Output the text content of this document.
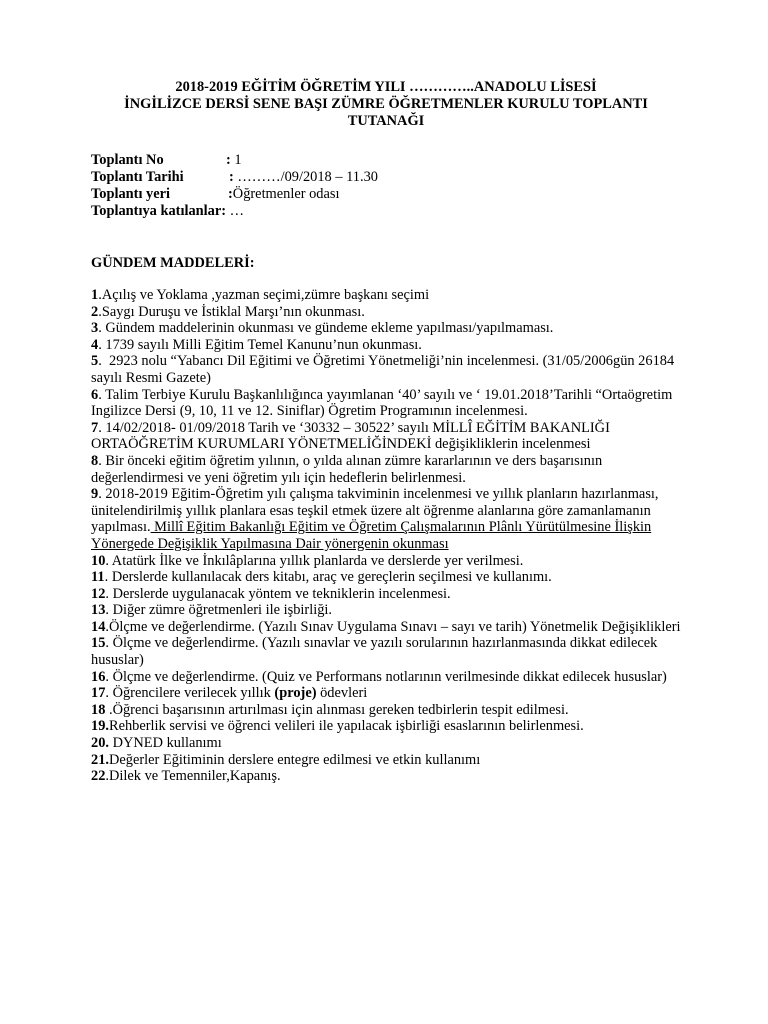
2018-2019 EĞİTİM ÖĞRETİM YILI …………..ANADOLU LİSESİ
İNGİLİZCE DERSİ SENE BAŞI ZÜMRE ÖĞRETMENLER KURULU TOPLANTI
TUTANAĞI
Toplantı No	: 1
Toplantı Tarihi	: ………/09/2018 – 11.30
Toplantı yeri	:Öğretmenler odası
Toplantıya katılanlar: …
GÜNDEM MADDELERİ:
1.Açılış ve Yoklama ,yazman seçimi,zümre başkanı seçimi
2.Saygı Duruşu ve İstiklal Marşı’nın okunması.
3. Gündem maddelerinin okunması ve gündeme ekleme yapılması/yapılmaması.
4. 1739 sayılı Milli Eğitim Temel Kanunu’nun okunması.
5.  2923 nolu “Yabancı Dil Eğitimi ve Öğretimi Yönetmeliği’nin incelenmesi. (31/05/2006gün 26184 sayılı Resmi Gazete)
6. Talim Terbiye Kurulu Başkanlılığınca yayımlanan ‘40’ sayılı ve ‘ 19.01.2018’Tarihli “Ortaögretim Ingilizce Dersi (9, 10, 11 ve 12. Siniflar) Ögretim Programının incelenmesi.
7. 14/02/2018- 01/09/2018 Tarih ve ‘30332 – 30522’ sayılı MİLLÎ EĞİTİM BAKANLIĞI ORTAÖĞRETİM KURUMLARI YÖNETMELİĞİNDEKİ değişikliklerin incelenmesi
8. Bir önceki eğitim öğretim yılının, o yılda alınan zümre kararlarının ve ders başarısının değerlendirmesi ve yeni öğretim yılı için hedeflerin belirlenmesi.
9. 2018-2019 Eğitim-Öğretim yılı çalışma takviminin incelenmesi ve yıllık planların hazırlanması, ünitelendirilmiş yıllık planlara esas teşkil etmek üzere alt öğrenme alanlarına göre zamanlamanın yapılması. Millî Eğitim Bakanlığı Eğitim ve Öğretim Çalışmalarının Plânlı Yürütülmesine İlişkin Yönergede Değişiklik Yapılmasına Dair yönergenin okunması
10. Atatürk İlke ve İnkılâplarına yıllık planlarda ve derslerde yer verilmesi.
11. Derslerde kullanılacak ders kitabı, araç ve gereçlerin seçilmesi ve kullanımı.
12. Derslerde uygulanacak yöntem ve tekniklerin incelenmesi.
13. Diğer zümre öğretmenleri ile işbirliği.
14.Ölçme ve değerlendirme. (Yazılı Sınav Uygulama Sınavı – sayı ve tarih) Yönetmelik Değişiklikleri
15. Ölçme ve değerlendirme. (Yazılı sınavlar ve yazılı sorularının hazırlanmasında dikkat edilecek hususlar)
16. Ölçme ve değerlendirme. (Quiz ve Performans notlarının verilmesinde dikkat edilecek hususlar)
17. Öğrencilere verilecek yıllık (proje) ödevleri
18 .Öğrenci başarısının artırılması için alınması gereken tedbirlerin tespit edilmesi.
19.Rehberlik servisi ve öğrenci velileri ile yapılacak işbirliği esaslarının belirlenmesi.
20. DYNED kullanımı
21.Değerler Eğitiminin derslere entegre edilmesi ve etkin kullanımı
22.Dilek ve Temenniler,Kapanış.
